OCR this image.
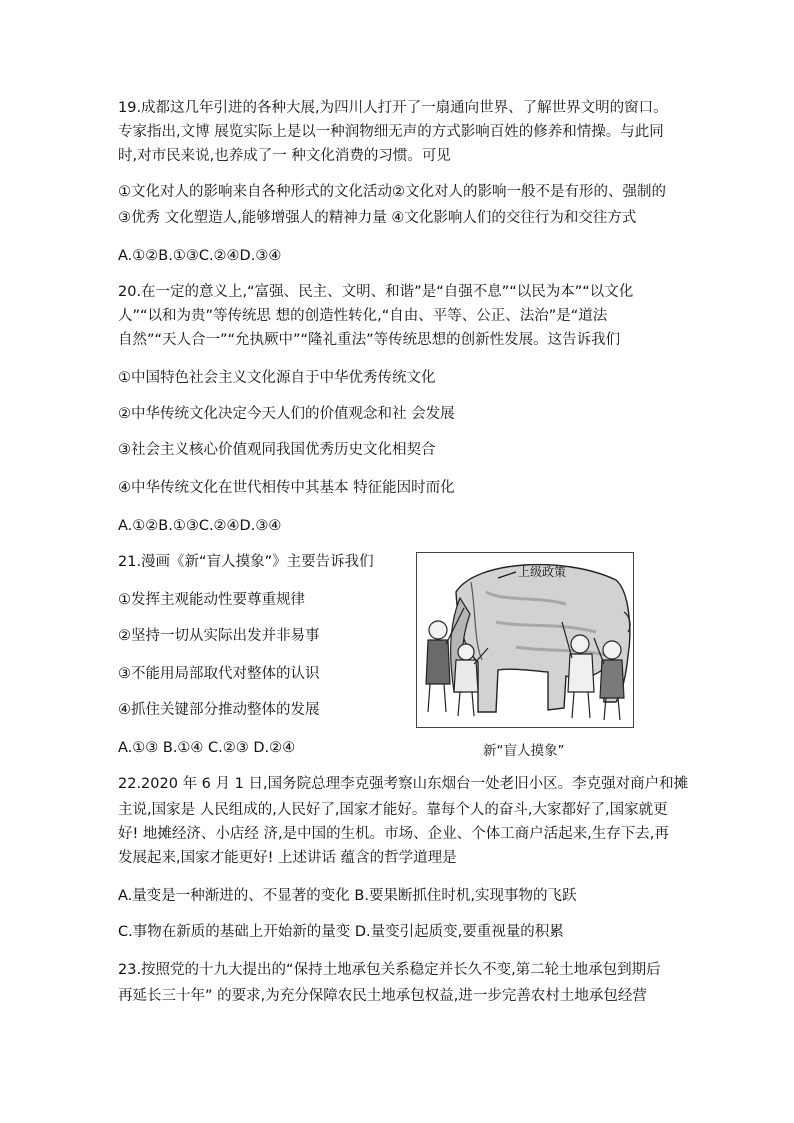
19.成都这几年引进的各种大展,为四川人打开了一扇通向世界、了解世界文明的窗口。
专家指出,文博 展览实际上是以一种润物细无声的方式影响百姓的修养和情操。与此同
时,对市民来说,也养成了一 种文化消费的习惯。可见
①文化对人的影响来自各种形式的文化活动②文化对人的影响一般不是有形的、强制的
③优秀 文化塑造人,能够增强人的精神力量 ④文化影响人们的交往行为和交往方式
A.①②B.①③C.②④D.③④
20.在一定的意义上,“富强、民主、文明、和谐”是“自强不息”“以民为本”“以文化
人”“以和为贵”等传统思 想的创造性转化,“自由、平等、公正、法治”是“道法
自然”“天人合一”“允执厥中”“隆礼重法”等传统思想的创新性发展。这告诉我们
①中国特色社会主义文化源自于中华优秀传统文化
②中华传统文化决定今天人们的价值观念和社 会发展
③社会主义核心价值观同我国优秀历史文化相契合
④中华传统文化在世代相传中其基本 特征能因时而化
A.①②B.①③C.②④D.③④
21.漫画《新“盲人摸象”》主要告诉我们
①发挥主观能动性要尊重规律
②坚持一切从实际出发并非易事
③不能用局部取代对整体的认识
④抓住关键部分推动整体的发展
A.①③ B.①④ C.②③ D.②④
上级政策
新“盲人摸象”
22.2020 年 6 月 1 日,国务院总理李克强考察山东烟台一处老旧小区。李克强对商户和摊
主说,国家是 人民组成的,人民好了,国家才能好。靠每个人的奋斗,大家都好了,国家就更
好! 地摊经济、小店经 济,是中国的生机。市场、企业、个体工商户活起来,生存下去,再
发展起来,国家才能更好! 上述讲话 蕴含的哲学道理是
A.量变是一种渐进的、不显著的变化 B.要果断抓住时机,实现事物的飞跃
C.事物在新质的基础上开始新的量变 D.量变引起质变,要重视量的积累
23.按照党的十九大提出的“保持土地承包关系稳定并长久不变,第二轮土地承包到期后
再延长三十年” 的要求,为充分保障农民土地承包权益,进一步完善农村土地承包经营
